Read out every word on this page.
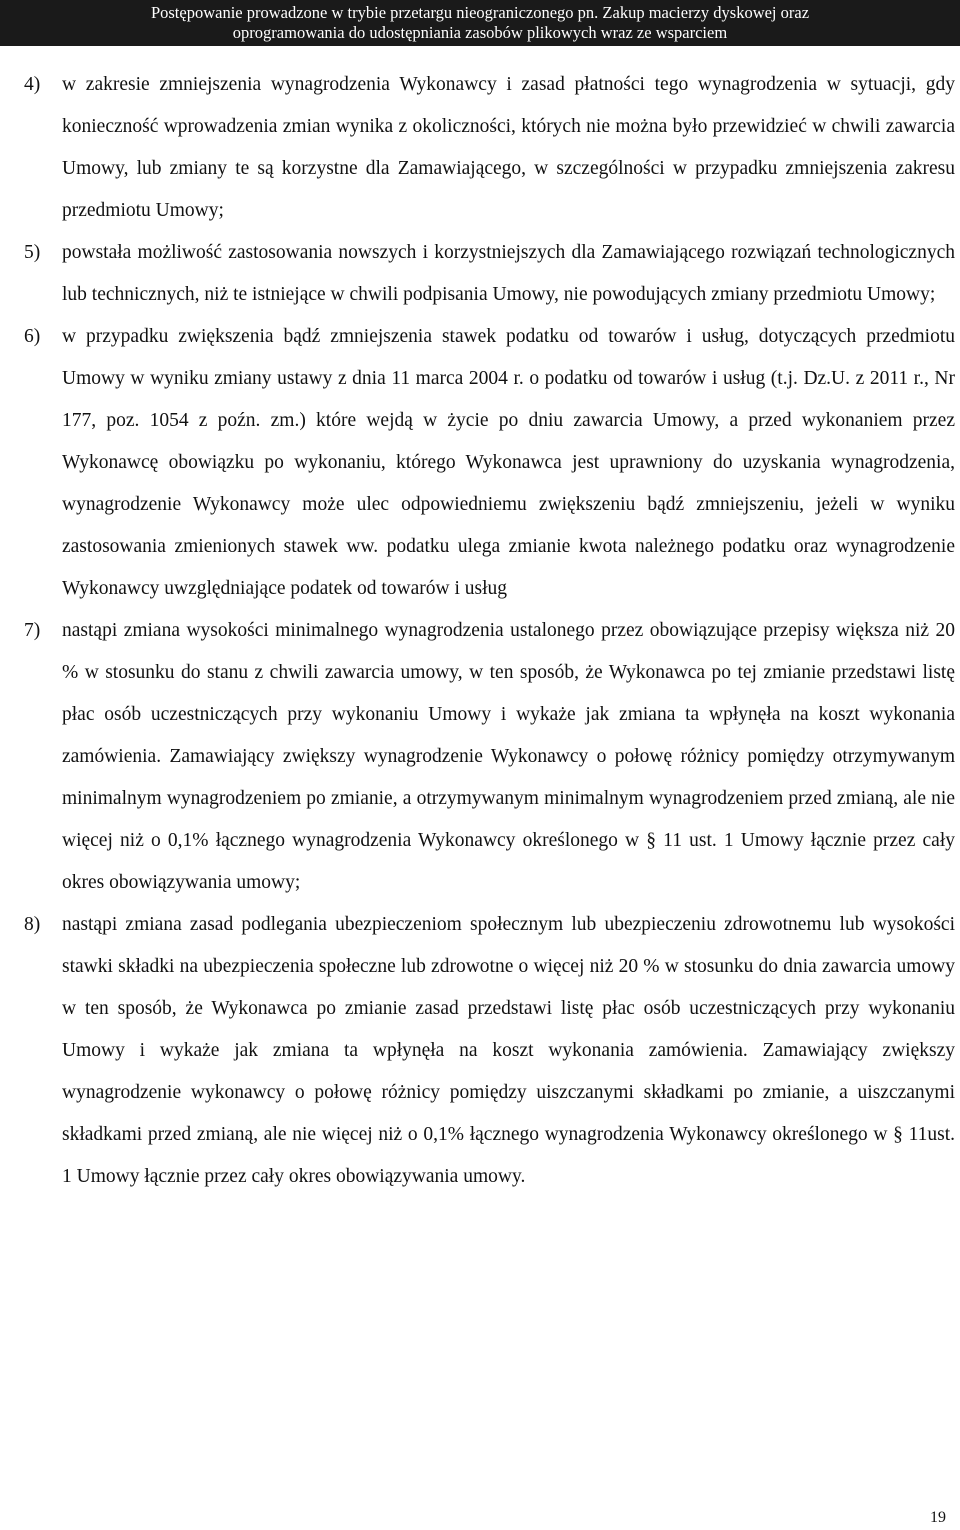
Postępowanie prowadzone w trybie przetargu nieograniczonego pn. Zakup macierzy dyskowej oraz
oprogramowania do udostępniania zasobów plikowych wraz ze wsparciem
4) w zakresie zmniejszenia wynagrodzenia Wykonawcy i zasad płatności tego wynagrodzenia w sytuacji, gdy konieczność wprowadzenia zmian wynika z okoliczności, których nie można było przewidzieć w chwili zawarcia Umowy, lub zmiany te są korzystne dla Zamawiającego, w szczególności w przypadku zmniejszenia zakresu przedmiotu Umowy;
5) powstała możliwość zastosowania nowszych i korzystniejszych dla Zamawiającego rozwiązań technologicznych lub technicznych, niż te istniejące w chwili podpisania Umowy, nie powodujących zmiany przedmiotu Umowy;
6) w przypadku zwiększenia bądź zmniejszenia stawek podatku od towarów i usług, dotyczących przedmiotu Umowy w wyniku zmiany ustawy z dnia 11 marca 2004 r. o podatku od towarów i usług (t.j. Dz.U. z 2011 r., Nr 177, poz. 1054 z poźn. zm.) które wejdą w życie po dniu zawarcia Umowy, a przed wykonaniem przez Wykonawcę obowiązku po wykonaniu, którego Wykonawca jest uprawniony do uzyskania wynagrodzenia, wynagrodzenie Wykonawcy może ulec odpowiedniemu zwiększeniu bądź zmniejszeniu, jeżeli w wyniku zastosowania zmienionych stawek ww. podatku ulega zmianie kwota należnego podatku oraz wynagrodzenie Wykonawcy uwzględniające podatek od towarów i usług
7) nastąpi zmiana wysokości minimalnego wynagrodzenia ustalonego przez obowiązujące przepisy większa niż 20 % w stosunku do stanu z chwili zawarcia umowy, w ten sposób, że Wykonawca po tej zmianie przedstawi listę płac osób uczestniczących przy wykonaniu Umowy i wykaże jak zmiana ta wpłynęła na koszt wykonania zamówienia. Zamawiający zwiększy wynagrodzenie Wykonawcy o połowę różnicy pomiędzy otrzymywanym minimalnym wynagrodzeniem po zmianie, a otrzymywanym minimalnym wynagrodzeniem przed zmianą, ale nie więcej niż o 0,1% łącznego wynagrodzenia Wykonawcy określonego w § 11 ust. 1 Umowy łącznie przez cały okres obowiązywania umowy;
8) nastąpi zmiana zasad podlegania ubezpieczeniom społecznym lub ubezpieczeniu zdrowotnemu lub wysokości stawki składki na ubezpieczenia społeczne lub zdrowotne o więcej niż 20 % w stosunku do dnia zawarcia umowy w ten sposób, że Wykonawca po zmianie zasad przedstawi listę płac osób uczestniczących przy wykonaniu Umowy i wykaże jak zmiana ta wpłynęła na koszt wykonania zamówienia. Zamawiający zwiększy wynagrodzenie wykonawcy o połowę różnicy pomiędzy uiszczanymi składkami po zmianie, a uiszczanymi składkami przed zmianą, ale nie więcej niż o 0,1% łącznego wynagrodzenia Wykonawcy określonego w § 11ust. 1 Umowy łącznie przez cały okres obowiązywania umowy.
19
